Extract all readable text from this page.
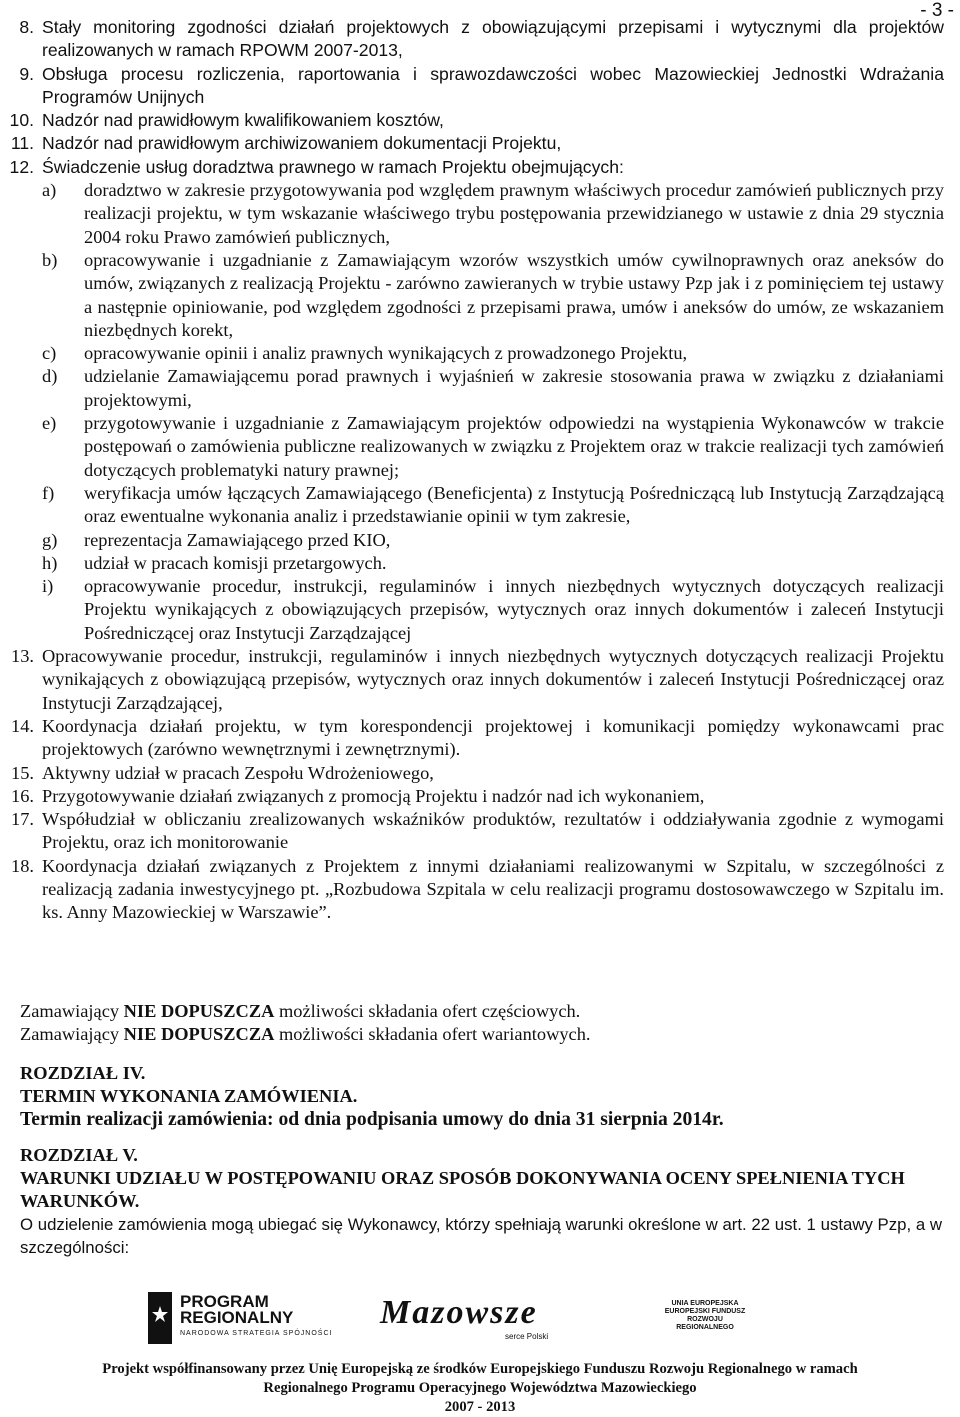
- 3 -
8. Stały monitoring zgodności działań projektowych z obowiązującymi przepisami i wytycznymi dla projektów realizowanych w ramach RPOWM 2007-2013,
9. Obsługa procesu rozliczenia, raportowania i sprawozdawczości wobec Mazowieckiej Jednostki Wdrażania Programów Unijnych
10. Nadzór nad prawidłowym kwalifikowaniem kosztów,
11. Nadzór nad prawidłowym archiwizowaniem dokumentacji Projektu,
12. Świadczenie usług doradztwa prawnego w ramach Projektu obejmujących:
a)	doradztwo w zakresie przygotowywania pod względem prawnym właściwych procedur zamówień publicznych przy realizacji projektu, w tym wskazanie właściwego trybu postępowania przewidzianego w ustawie z dnia 29 stycznia 2004 roku Prawo zamówień publicznych,
b)	opracowywanie i uzgadnianie z Zamawiającym wzorów wszystkich umów cywilnoprawnych oraz aneksów do umów, związanych z realizacją Projektu - zarówno zawieranych w trybie ustawy Pzp jak i z pominięciem tej ustawy a następnie opiniowanie, pod względem zgodności z przepisami prawa, umów i aneksów do umów, ze wskazaniem niezbędnych korekt,
c)	opracowywanie opinii i analiz prawnych wynikających z prowadzonego Projektu,
d)	udzielanie Zamawiającemu porad prawnych i wyjaśnień w zakresie stosowania prawa w związku z działaniami projektowymi,
e)	przygotowywanie i uzgadnianie z Zamawiającym projektów odpowiedzi na wystąpienia Wykonawców w trakcie postępowań o zamówienia publiczne realizowanych w związku z Projektem oraz w trakcie realizacji tych zamówień dotyczących problematyki natury prawnej;
f)	weryfikacja umów łączących Zamawiającego (Beneficjenta) z Instytucją Pośredniczącą lub Instytucją Zarządzającą oraz ewentualne wykonania analiz i przedstawianie opinii w tym zakresie,
g)	reprezentacja Zamawiającego przed KIO,
h)	udział w pracach komisji przetargowych.
i)	opracowywanie procedur, instrukcji, regulaminów i innych niezbędnych wytycznych dotyczących realizacji Projektu wynikających z obowiązujących przepisów, wytycznych oraz innych dokumentów i zaleceń Instytucji Pośredniczącej oraz Instytucji Zarządzającej
13. Opracowywanie procedur, instrukcji, regulaminów i innych niezbędnych wytycznych dotyczących realizacji Projektu wynikających z obowiązującą przepisów, wytycznych oraz innych dokumentów i zaleceń Instytucji Pośredniczącej oraz Instytucji Zarządzającej,
14. Koordynacja działań projektu, w tym korespondencji projektowej i komunikacji pomiędzy wykonawcami prac projektowych (zarówno wewnętrznymi i zewnętrznymi).
15. Aktywny udział w pracach Zespołu Wdrożeniowego,
16. Przygotowywanie działań związanych z promocją Projektu i nadzór nad ich wykonaniem,
17. Współudział w obliczaniu zrealizowanych wskaźników produktów, rezultatów i oddziaływania zgodnie z wymogami Projektu, oraz ich monitorowanie
18. Koordynacja działań związanych z Projektem z innymi działaniami realizowanymi w Szpitalu, w szczególności z realizacją zadania inwestycyjnego pt. „Rozbudowa Szpitala w celu realizacji programu dostosowawczego w Szpitalu im. ks. Anny Mazowieckiej w Warszawie”.
Zamawiający NIE DOPUSZCZA możliwości składania ofert częściowych.
Zamawiający NIE DOPUSZCZA możliwości składania ofert wariantowych.
ROZDZIAŁ IV.
TERMIN WYKONANIA ZAMÓWIENIA.
Termin realizacji zamówienia: od dnia podpisania umowy do dnia 31 sierpnia 2014r.
ROZDZIAŁ V.
WARUNKI UDZIAŁU W POSTĘPOWANIU ORAZ SPOSÓB DOKONYWANIA OCENY SPEŁNIENIA TYCH WARUNKÓW.
O udzielenie zamówienia mogą ubiegać się Wykonawcy, którzy spełniają warunki określone w art. 22 ust. 1 ustawy Pzp, a w szczególności:
PROGRAM
REGIONALNY
NARODOWA STRATEGIA SPÓJNOŚCI
Mazowsze
serce Polski
UNIA EUROPEJSKA
EUROPEJSKI FUNDUSZ
ROZWOJU REGIONALNEGO
Projekt współfinansowany przez Unię Europejską ze środków Europejskiego Funduszu Rozwoju Regionalnego w ramach
Regionalnego Programu Operacyjnego Województwa Mazowieckiego
2007 - 2013
